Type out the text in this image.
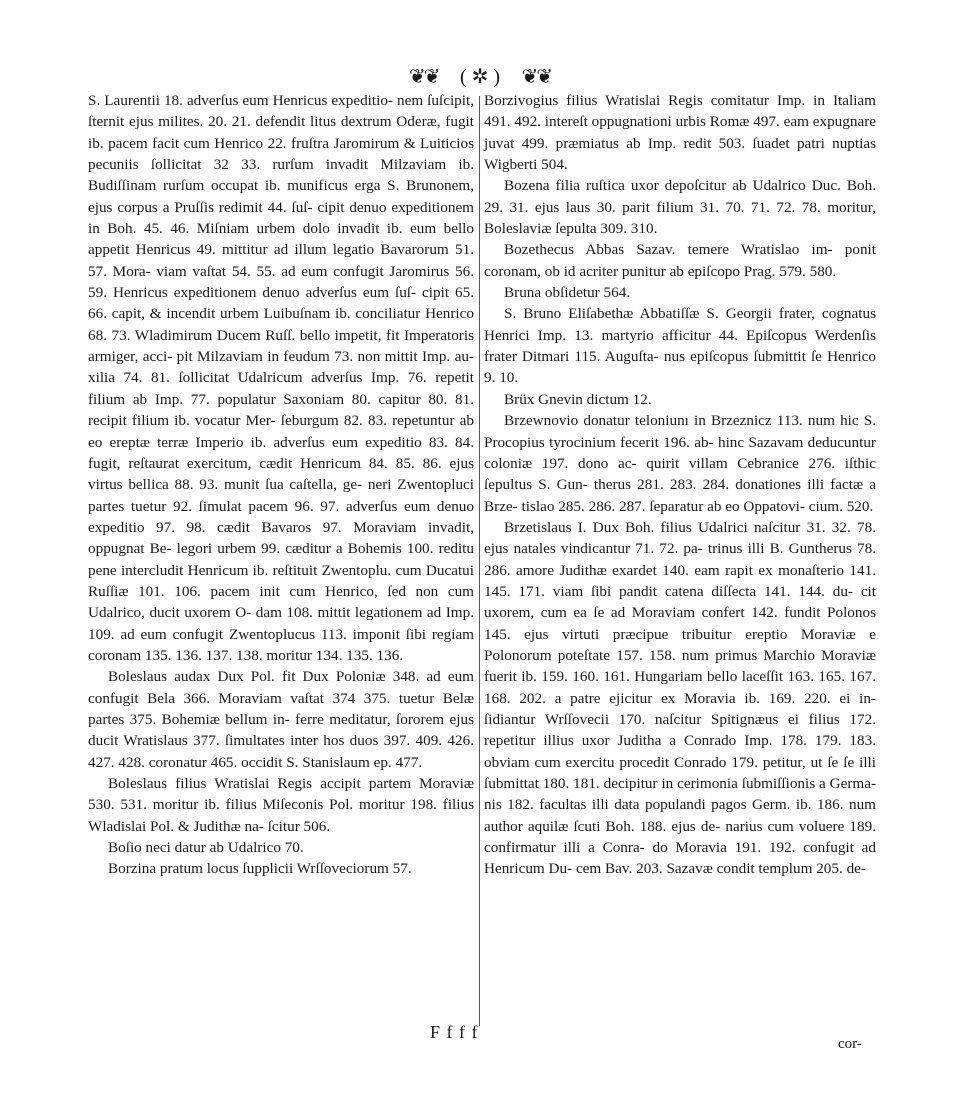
❦❦ ( ✲ ) ❦❦

S. Laurentii 18. adverſus eum Henricus expeditio- nem ſuſcipit, ſternit ejus milites. 20. 21. defendit litus dextrum Oderæ, fugit ib. pacem facit cum Henrico 22. fruſtra Jaromirum & Luiticios pecuniis ſollicitat 32 33. rurſum invadit Milzaviam ib. Budiſſinam rurſum occupat ib. munificus erga S. Brunonem, ejus corpus a Pruſſis redimit 44. ſuſ- cipit denuo expeditionem in Boh. 45. 46. Miſniam urbem dolo invadit ib. eum bello appetit Henricus 49. mittitur ad illum legatio Bavarorum 51. 57. Mora- viam vaſtat 54. 55. ad eum confugit Jaromirus 56. 59. Henricus expeditionem denuo adverſus eum ſuſ- cipit 65. 66. capit, & incendit urbem Luibuſnam ib. conciliatur Henrico 68. 73. Wladimirum Ducem Ruſſ. bello impetit, fit Imperatoris armiger, acci- pit Milzaviam in feudum 73. non mittit Imp. au- xilia 74. 81. ſollicitat Udalricum adverſus Imp. 76. repetit filium ab Imp. 77. populatur Saxoniam 80. capitur 80. 81. recipit filium ib. vocatur Mer- ſeburgum 82. 83. repetuntur ab eo ereptæ terræ Imperio ib. adverſus eum expeditio 83. 84. fugit, reſtaurat exercitum, cædit Henricum 84. 85. 86. ejus virtus bellica 88. 93. munit ſua caſtella, ge- neri Zwentopluci partes tuetur 92. ſimulat pacem 96. 97. adverſus eum denuo expeditio 97. 98. cædit Bavaros 97. Moraviam invadit, oppugnat Be- legori urbem 99. cæditur a Bohemis 100. reditu pene intercludit Henricum ib. reſtituit Zwentoplu. cum Ducatui Ruſſiæ 101. 106. pacem init cum Henrico, ſed non cum Udalrico, ducit uxorem O- dam 108. mittit legationem ad Imp. 109. ad eum confugit Zwentoplucus 113. imponit ſibi regiam coronam 135. 136. 137. 138. moritur 134. 135. 136.

Boleslaus audax Dux Pol. fit Dux Poloniæ 348. ad eum confugit Bela 366. Moraviam vaſtat 374 375. tuetur Belæ partes 375. Bohemiæ bellum in- ferre meditatur, ſororem ejus ducit Wratislaus 377. ſimultates inter hos duos 397. 409. 426. 427. 428. coronatur 465. occidit S. Stanislaum ep. 477.

Boleslaus filius Wratislai Regis accipit partem Moraviæ 530. 531. moritur ib. filius Miſeconis Pol. moritur 198. filius Wladislai Pol. & Judithæ na- ſcitur 506.

Boſio neci datur ab Udalrico 70.

Borzina pratum locus ſupplicii Wrſſoveciorum 57.

Borzivogius filius Wratislai Regis comitatur Imp. in Italiam 491. 492. intereſt oppugnationi urbis Romæ 497. eam expugnare juvat 499. præmiatus ab Imp. redit 503. ſuadet patri nuptias Wigberti 504.

Bozena filia ruſtica uxor depoſcitur ab Udalrico Duc. Boh. 29. 31. ejus laus 30. parit filium 31. 70. 71. 72. 78. moritur, Boleslaviæ ſepulta 309. 310.

Bozethecus Abbas Sazav. temere Wratislao im- ponit coronam, ob id acriter punitur ab epiſcopo Prag. 579. 580.

Bruna obſidetur 564.

S. Bruno Eliſabethæ Abbatiſſæ S. Georgii frater, cognatus Henrici Imp. 13. martyrio afficitur 44. Epiſcopus Werdenſis frater Ditmari 115. Auguſta- nus epiſcopus ſubmittit ſe Henrico 9. 10.

Brüx Gnevin dictum 12.

Brzewnovio donatur teloniunı in Brzeznicz 113. num hic S. Procopius tyrocinium fecerit 196. ab- hinc Sazavam deducuntur coloniæ 197. dono ac- quirit villam Cebranice 276. iſthic ſepultus S. Gun- therus 281. 283. 284. donationes illi factæ a Brze- tislao 285. 286. 287. ſeparatur ab eo Oppatovi- cium. 520.

Brzetislaus I. Dux Boh. filius Udalrici naſcitur 31. 32. 78. ejus natales vindicantur 71. 72. pa- trinus illi B. Guntherus 78. 286. amore Judithæ exardet 140. eam rapit ex monaſterio 141. 145. 171. viam ſibi pandit catena diſſecta 141. 144. du- cit uxorem, cum ea ſe ad Moraviam confert 142. fundit Polonos 145. ejus virtuti præcipue tribuitur ereptio Moraviæ e Polonorum poteſtate 157. 158. num primus Marchio Moraviæ fuerit ib. 159. 160. 161. Hungariam bello laceſſit 163. 165. 167. 168. 202. a patre ejicitur ex Moravia ib. 169. 220. ei in- ſidiantur Wrſſovecii 170. naſcitur Spitignæus ei filius 172. repetitur illius uxor Juditha a Conrado Imp. 178. 179. 183. obviam cum exercitu procedit Conrado 179. petitur, ut ſe ſe illi ſubmittat 180. 181. decipitur in cerimonia ſubmiſſionis a Germa- nis 182. facultas illi data populandi pagos Germ. ib. 186. num author aquilæ ſcuti Boh. 188. ejus de- narius cum voluere 189. confirmatur illi a Conra- do Moravia 191. 192. confugit ad Henricum Du- cem Bav. 203. Sazavæ condit templum 205. de-

F f f f
cor-
